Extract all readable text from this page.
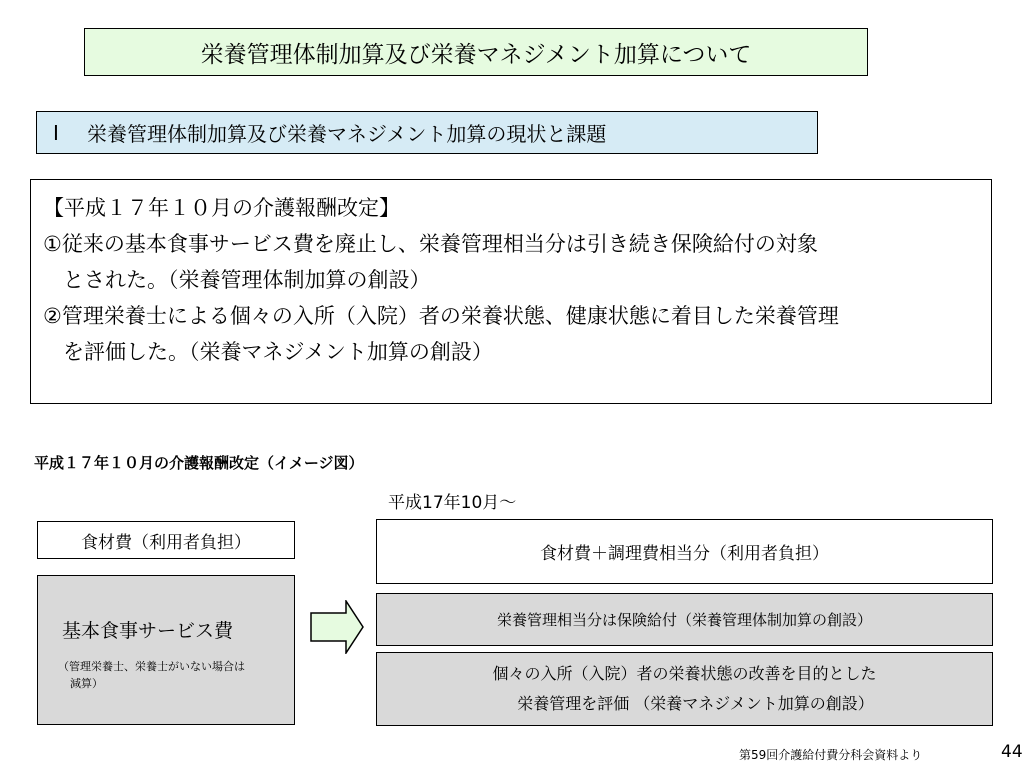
栄養管理体制加算及び栄養マネジメント加算について
Ⅰ	栄養管理体制加算及び栄養マネジメント加算の現状と課題
【平成１７年１０月の介護報酬改定】
①従来の基本食事サービス費を廃止し、栄養管理相当分は引き続き保険給付の対象
とされた。（栄養管理体制加算の創設）
②管理栄養士による個々の入所（入院）者の栄養状態、健康状態に着目した栄養管理
を評価した。（栄養マネジメント加算の創設）
平成１７年１０月の介護報酬改定（イメージ図）
平成17年10月～
食材費（利用者負担）
基本食事サービス費
（管理栄養士、栄養士がいない場合は
減算）
食材費＋調理費相当分（利用者負担）
栄養管理相当分は保険給付（栄養管理体制加算の創設）
個々の入所（入院）者の栄養状態の改善を目的とした
栄養管理を評価 （栄養マネジメント加算の創設）
第59回介護給付費分科会資料より	44
